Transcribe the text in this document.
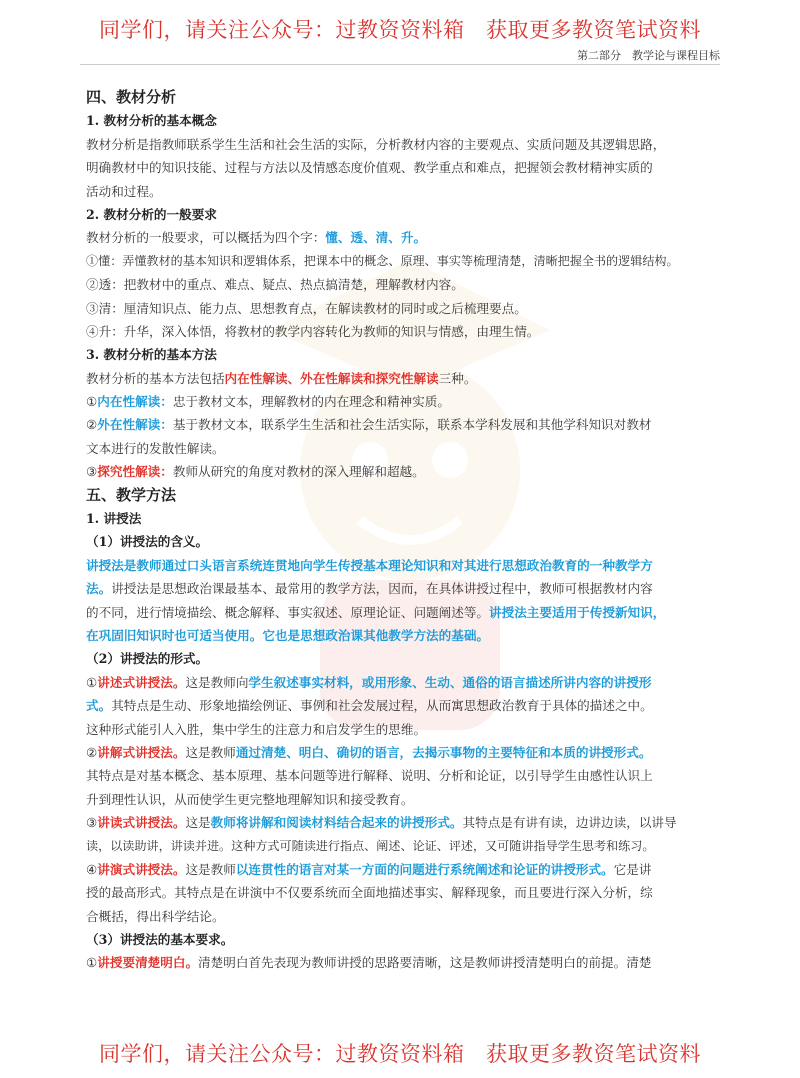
同学们，请关注公众号：过教资资料箱　获取更多教资笔试资料
第二部分　教学论与课程目标
四、教材分析
1. 教材分析的基本概念
教材分析是指教师联系学生生活和社会生活的实际，分析教材内容的主要观点、实质问题及其逻辑思路，
明确教材中的知识技能、过程与方法以及情感态度价值观、教学重点和难点，把握领会教材精神实质的
活动和过程。
2. 教材分析的一般要求
教材分析的一般要求，可以概括为四个字：懂、透、清、升。
①懂：弄懂教材的基本知识和逻辑体系，把课本中的概念、原理、事实等梳理清楚，清晰把握全书的逻辑结构。
②透：把教材中的重点、难点、疑点、热点搞清楚，理解教材内容。
③清：厘清知识点、能力点、思想教育点，在解读教材的同时或之后梳理要点。
④升：升华，深入体悟，将教材的教学内容转化为教师的知识与情感，由理生情。
3. 教材分析的基本方法
教材分析的基本方法包括内在性解读、外在性解读和探究性解读三种。
①内在性解读：忠于教材文本，理解教材的内在理念和精神实质。
②外在性解读：基于教材文本，联系学生生活和社会生活实际，联系本学科发展和其他学科知识对教材
文本进行的发散性解读。
③探究性解读：教师从研究的角度对教材的深入理解和超越。
五、教学方法
1. 讲授法
（1）讲授法的含义。
讲授法是教师通过口头语言系统连贯地向学生传授基本理论知识和对其进行思想政治教育的一种教学方
法。讲授法是思想政治课最基本、最常用的教学方法，因而，在具体讲授过程中，教师可根据教材内容
的不同，进行情境描绘、概念解释、事实叙述、原理论证、问题阐述等。讲授法主要适用于传授新知识，
在巩固旧知识时也可适当使用。它也是思想政治课其他教学方法的基础。
（2）讲授法的形式。
①讲述式讲授法。这是教师向学生叙述事实材料，或用形象、生动、通俗的语言描述所讲内容的讲授形
式。其特点是生动、形象地描绘例证、事例和社会发展过程，从而寓思想政治教育于具体的描述之中。
这种形式能引人入胜，集中学生的注意力和启发学生的思维。
②讲解式讲授法。这是教师通过清楚、明白、确切的语言，去揭示事物的主要特征和本质的讲授形式。
其特点是对基本概念、基本原理、基本问题等进行解释、说明、分析和论证，以引导学生由感性认识上
升到理性认识，从而使学生更完整地理解知识和接受教育。
③讲读式讲授法。这是教师将讲解和阅读材料结合起来的讲授形式。其特点是有讲有读，边讲边读，以讲导
读，以读助讲，讲读并进。这种方式可随读进行指点、阐述、论证、评述，又可随讲指导学生思考和练习。
④讲演式讲授法。这是教师以连贯性的语言对某一方面的问题进行系统阐述和论证的讲授形式。它是讲
授的最高形式。其特点是在讲演中不仅要系统而全面地描述事实、解释现象，而且要进行深入分析，综
合概括，得出科学结论。
（3）讲授法的基本要求。
①讲授要清楚明白。清楚明白首先表现为教师讲授的思路要清晰，这是教师讲授清楚明白的前提。清楚
同学们，请关注公众号：过教资资料箱　获取更多教资笔试资料
